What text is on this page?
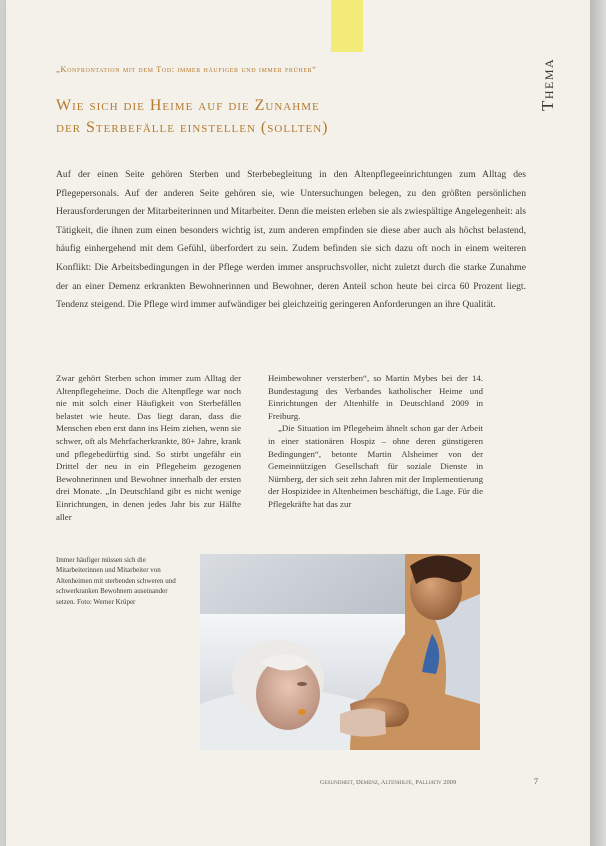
„Konfrontation mit dem Tod: immer häufiger und immer früher“
Wie sich die Heime auf die Zunahme
der Sterbefälle einstellen (sollten)
Thema
Auf der einen Seite gehören Sterben und Sterbebegleitung in den Altenpflegeeinrichtungen zum Alltag des Pflegepersonals. Auf der anderen Seite gehören sie, wie Untersuchungen belegen, zu den größten persönlichen Herausforderungen der Mitarbeiterinnen und Mitarbeiter. Denn die meisten erleben sie als zwiespältige Angelegenheit: als Tätigkeit, die ihnen zum einen besonders wichtig ist, zum anderen empfinden sie diese aber auch als höchst belastend, häufig einhergehend mit dem Gefühl, überfordert zu sein. Zudem befinden sie sich dazu oft noch in einem weiteren Konflikt: Die Arbeitsbedingungen in der Pflege werden immer anspruchsvoller, nicht zuletzt durch die starke Zunahme der an einer Demenz erkrankten Bewohnerinnen und Bewohner, deren Anteil schon heute bei circa 60 Prozent liegt. Tendenz steigend. Die Pflege wird immer aufwändiger bei gleichzeitig geringeren Anforderungen an ihre Qualität.

Zwar gehört Sterben schon immer zum Alltag der Altenpflegeheime. Doch die Altenpflege war noch nie mit solch einer Häufigkeit von Sterbefällen belastet wie heute. Das liegt daran, dass die Menschen eben erst dann ins Heim ziehen, wenn sie schwer, oft als Mehrfacherkrankte, 80+ Jahre, krank und pflegebedürftig sind. So stirbt ungefähr ein Drittel der neu in ein Pflegeheim gezogenen Bewohnerinnen und Bewohner innerhalb der ersten drei Monate. „In Deutschland gibt es nicht wenige Einrichtungen, in denen jedes Jahr bis zur Hälfte aller

Heimbewohner versterben“, so Martin Mybes bei der 14. Bundestagung des Verbandes katholischer Heime und Einrichtungen der Altenhilfe in Deutschland 2009 in Freiburg.

„Die Situation im Pflegeheim ähnelt schon gar der Arbeit in einer stationären Hospiz – ohne deren günstigeren Bedingungen“, betonte Martin Alsheimer von der Gemeinnützigen Gesellschaft für soziale Dienste in Nürnberg, der sich seit zehn Jahren mit der Implementierung der Hospizidee in Altenheimen beschäftigt, die Lage. Für die Pflegekräfte hat das zur

Immer häufiger müssen sich die Mitarbeiterinnen und Mitarbeiter von Altenheimen mit sterbenden schweren und schwerkranken Bewohnern auseinander setzen. Foto: Werner Krüper
Gesundheit, Demenz, Altenhilfe, Palliativ 2009	7
